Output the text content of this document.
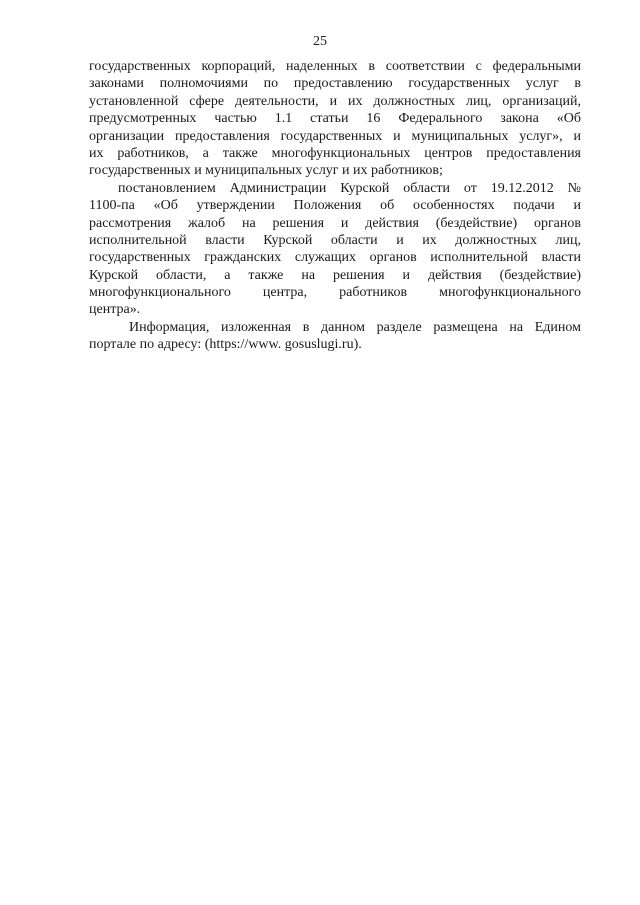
25
государственных корпораций, наделенных в соответствии с федеральными
законами полномочиями по предоставлению государственных услуг в
установленной сфере деятельности, и их должностных лиц, организаций,
предусмотренных частью 1.1 статьи 16 Федерального закона «Об
организации предоставления государственных и муниципальных услуг», и
их работников, а также многофункциональных центров предоставления
государственных и муниципальных услуг и их работников;
постановлением Администрации Курской области от 19.12.2012 №
1100-па «Об утверждении Положения об особенностях подачи и
рассмотрения жалоб на решения и действия (бездействие) органов
исполнительной власти Курской области и их должностных лиц,
государственных гражданских служащих органов исполнительной власти
Курской области, а также на решения и действия (бездействие)
многофункционального центра, работников многофункционального
центра».
Информация, изложенная в данном разделе размещена на Едином
портале по адресу: (https://www. gosuslugi.ru).
